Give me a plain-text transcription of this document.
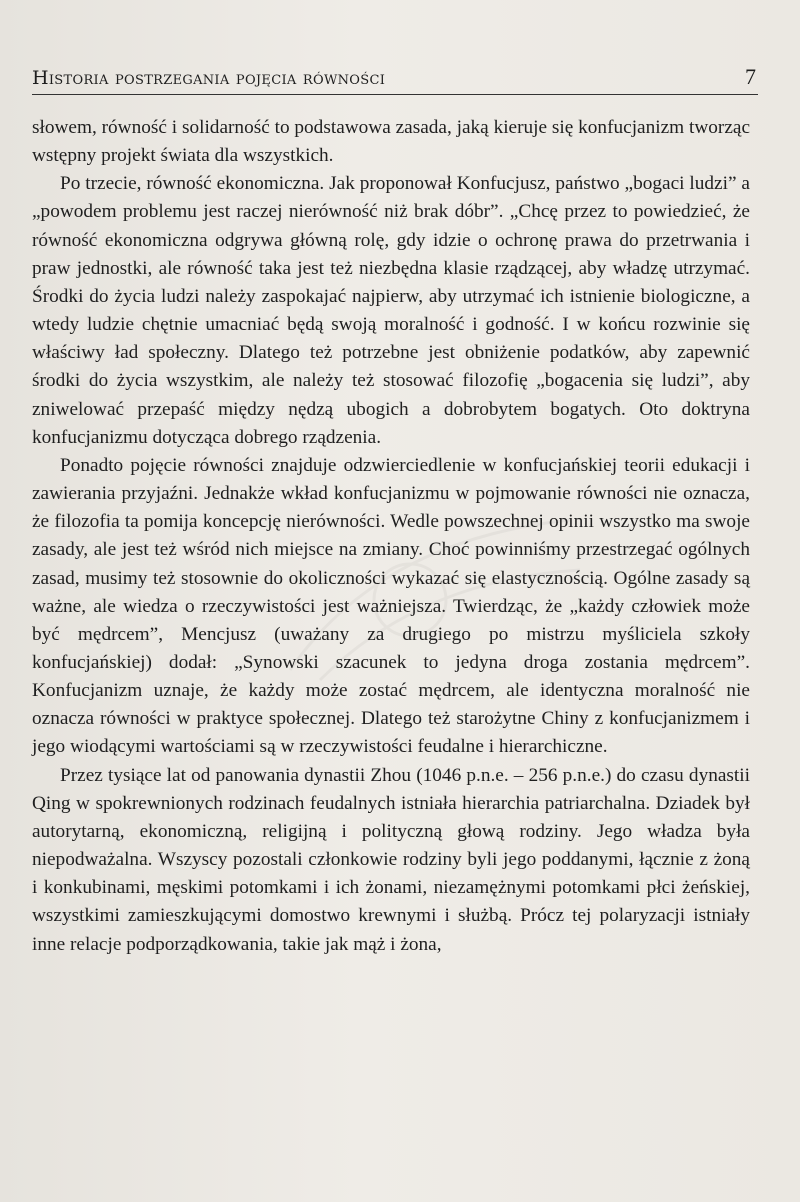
Historia postrzegania pojęcia równości	7

słowem, równość i solidarność to podstawowa zasada, jaką kieruje się konfucjanizm tworząc wstępny projekt świata dla wszystkich.

Po trzecie, równość ekonomiczna. Jak proponował Konfucjusz, państwo „bogaci ludzi” a „powodem problemu jest raczej nierówność niż brak dóbr”. „Chcę przez to powiedzieć, że równość ekonomiczna odgrywa główną rolę, gdy idzie o ochronę prawa do przetrwania i praw jednostki, ale równość taka jest też niezbędna klasie rządzącej, aby władzę utrzymać. Środki do życia ludzi należy zaspokajać najpierw, aby utrzymać ich istnienie biologiczne, a wtedy ludzie chętnie umacniać będą swoją moralność i godność. I w końcu rozwinie się właściwy ład społeczny. Dlatego też potrzebne jest obniżenie podatków, aby zapewnić środki do życia wszystkim, ale należy też stosować filozofię „bogacenia się ludzi”, aby zniwelować przepaść między nędzą ubogich a dobrobytem bogatych. Oto doktryna konfucjanizmu dotycząca dobrego rządzenia.

Ponadto pojęcie równości znajduje odzwierciedlenie w konfucjańskiej teorii edukacji i zawierania przyjaźni. Jednakże wkład konfucjanizmu w pojmowanie równości nie oznacza, że filozofia ta pomija koncepcję nierówności. Wedle powszechnej opinii wszystko ma swoje zasady, ale jest też wśród nich miejsce na zmiany. Choć powinniśmy przestrzegać ogólnych zasad, musimy też stosownie do okoliczności wykazać się elastycznością. Ogólne zasady są ważne, ale wiedza o rzeczywistości jest ważniejsza. Twierdząc, że „każdy człowiek może być mędrcem”, Mencjusz (uważany za drugiego po mistrzu myśliciela szkoły konfucjańskiej) dodał: „Synowski szacunek to jedyna droga zostania mędrcem”. Konfucjanizm uznaje, że każdy może zostać mędrcem, ale identyczna moralność nie oznacza równości w praktyce społecznej. Dlatego też starożytne Chiny z konfucjanizmem i jego wiodącymi wartościami są w rzeczywistości feudalne i hierarchiczne.

Przez tysiące lat od panowania dynastii Zhou (1046 p.n.e. – 256 p.n.e.) do czasu dynastii Qing w spokrewnionych rodzinach feudalnych istniała hierarchia patriarchalna. Dziadek był autorytarną, ekonomiczną, religijną i polityczną głową rodziny. Jego władza była niepodważalna. Wszyscy pozostali członkowie rodziny byli jego poddanymi, łącznie z żoną i konkubinami, męskimi potomkami i ich żonami, niezamężnymi potomkami płci żeńskiej, wszystkimi zamieszkującymi domostwo krewnymi i służbą. Prócz tej polaryzacji istniały inne relacje podporządkowania, takie jak mąż i żona,
